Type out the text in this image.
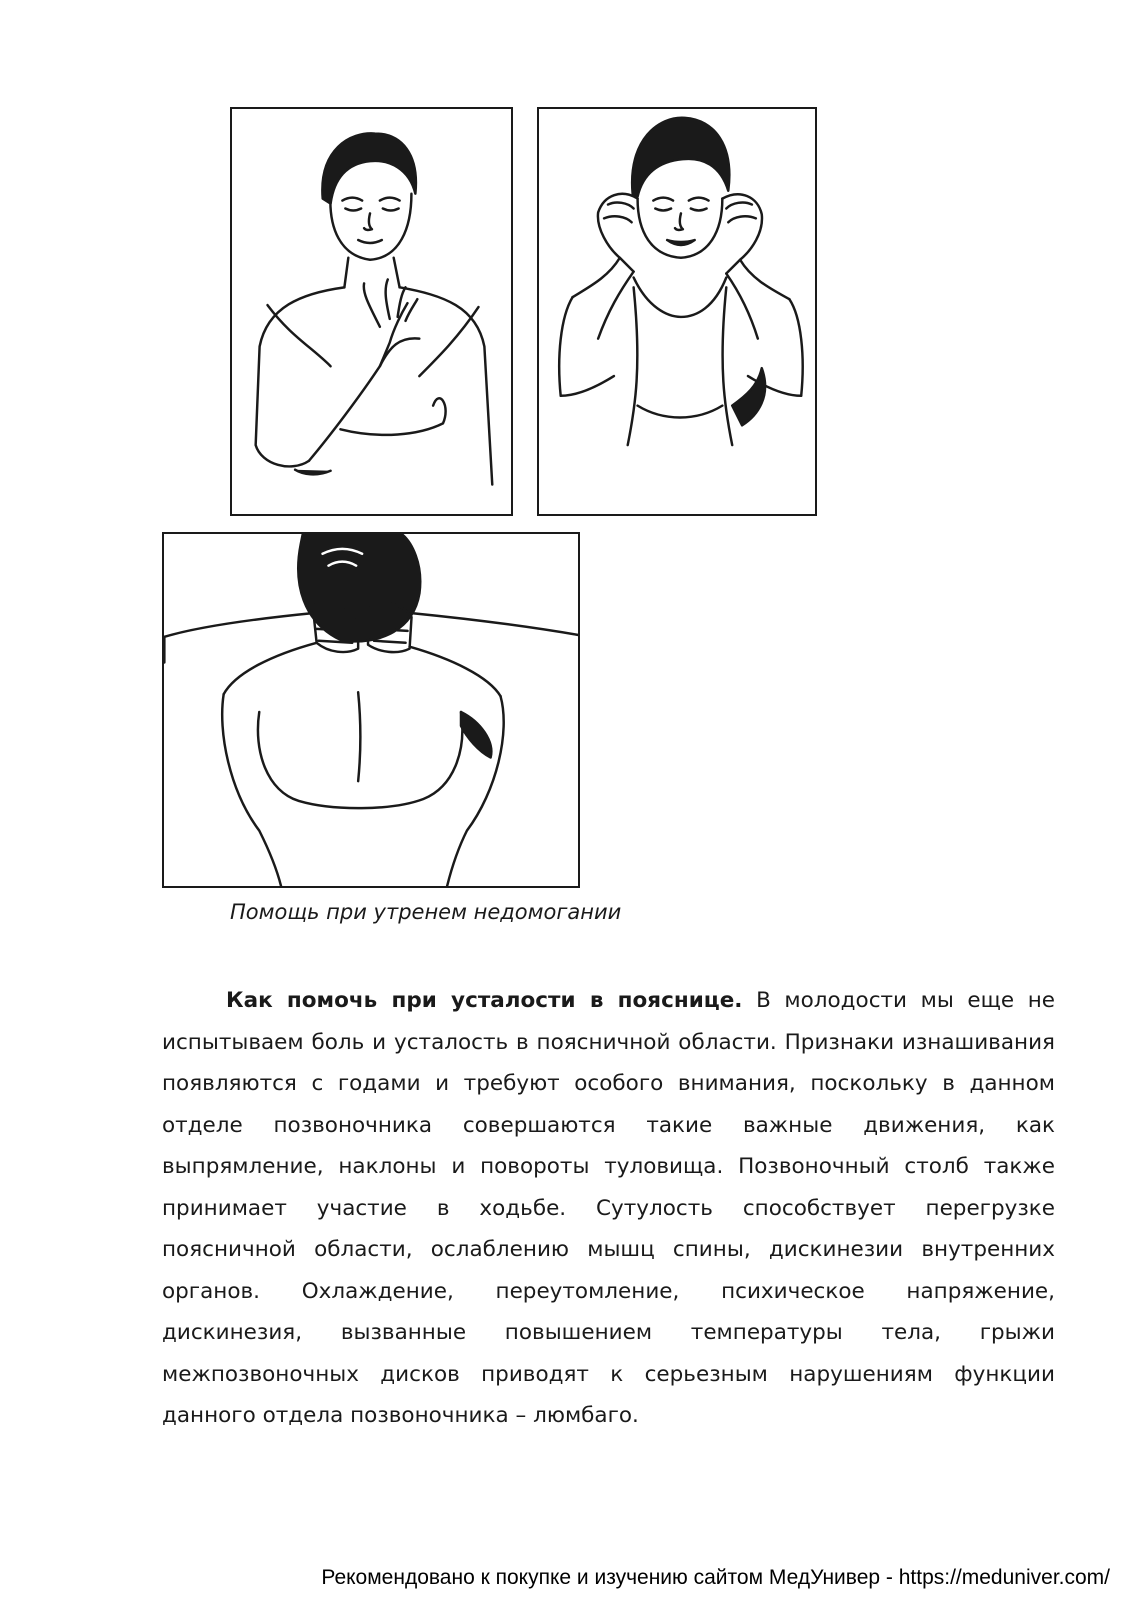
Помощь при утренем недомогании

Как помочь при усталости в пояснице. В молодости мы еще не испытываем боль и усталость в поясничной области. Признаки изнашивания появляются с годами и требуют особого внимания, поскольку в данном отделе позвоночника совершаются такие важные движения, как выпрямление, наклоны и повороты туловища. Позвоночный столб также принимает участие в ходьбе. Сутулость способствует перегрузке поясничной области, ослаблению мышц спины, дискинезии внутренних органов. Охлаждение, переутомление, психическое напряжение, дискинезия, вызванные повышением температуры тела, грыжи межпозвоночных дисков приводят к серьезным нарушениям функции данного отдела позвоночника – люмбаго.

Рекомендовано к покупке и изучению сайтом МедУнивер - https://meduniver.com/
